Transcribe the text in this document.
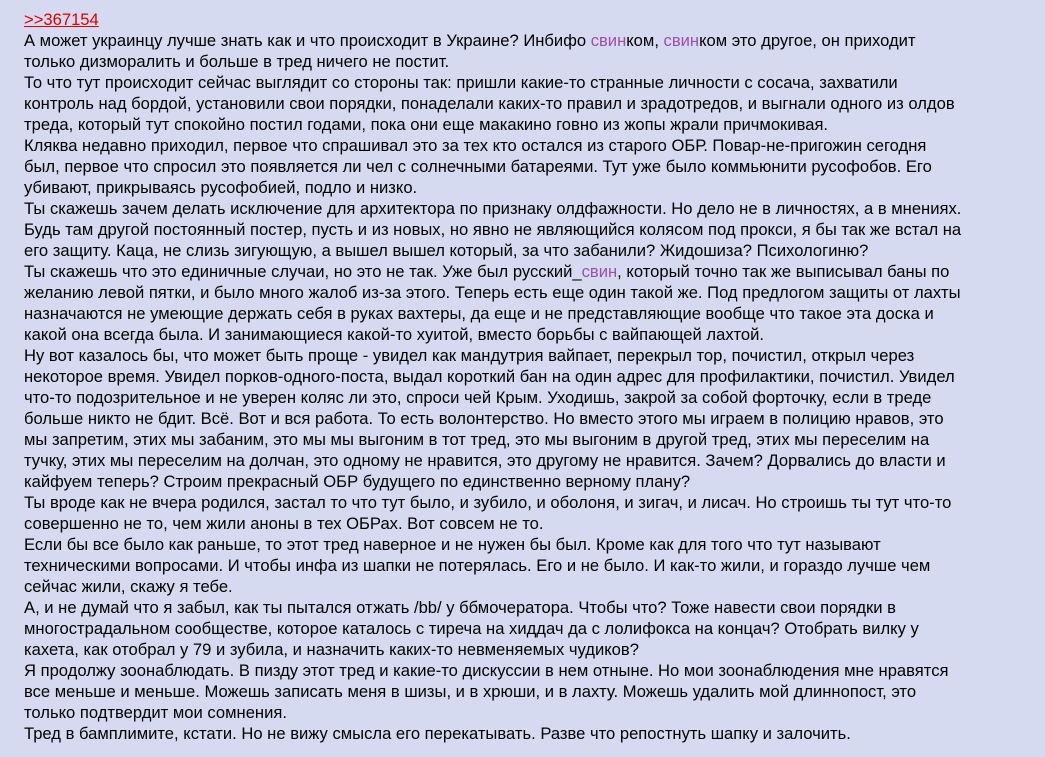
>>367154
А может украинцу лучше знать как и что происходит в Украине? Инбифо свинком, свинком это другое, он приходит
только дизморалить и больше в тред ничего не постит.
То что тут происходит сейчас выглядит со стороны так: пришли какие-то странные личности с сосача, захватили
контроль над бордой, установили свои порядки, понаделали каких-то правил и зрадотредов, и выгнали одного из олдов
треда, который тут спокойно постил годами, пока они еще макакино говно из жопы жрали причмокивая.
Кляква недавно приходил, первое что спрашивал это за тех кто остался из старого ОБР. Повар-не-пригожин сегодня
был, первое что спросил это появляется ли чел с солнечными батареями. Тут уже было коммьюнити русофобов. Его
убивают, прикрываясь русофобией, подло и низко.
Ты скажешь зачем делать исключение для архитектора по признаку олдфажности. Но дело не в личностях, а в мнениях.
Будь там другой постоянный постер, пусть и из новых, но явно не являющийся колясом под прокси, я бы так же встал на
его защиту. Каца, не слизь зигующую, а вышел вышел который, за что забанили? Жидошиза? Психологиню?
Ты скажешь что это единичные случаи, но это не так. Уже был русский_свин, который точно так же выписывал баны по
желанию левой пятки, и было много жалоб из-за этого. Теперь есть еще один такой же. Под предлогом защиты от лахты
назначаются не умеющие держать себя в руках вахтеры, да еще и не представляющие вообще что такое эта доска и
какой она всегда была. И занимающиеся какой-то хуитой, вместо борьбы с вайпающей лахтой.
Ну вот казалось бы, что может быть проще - увидел как мандутрия вайпает, перекрыл тор, почистил, открыл через
некоторое время. Увидел порков-одного-поста, выдал короткий бан на один адрес для профилактики, почистил. Увидел
что-то подозрительное и не уверен коляс ли это, спроси чей Крым. Уходишь, закрой за собой форточку, если в треде
больше никто не бдит. Всё. Вот и вся работа. То есть волонтерство. Но вместо этого мы играем в полицию нравов, это
мы запретим, этих мы забаним, это мы мы выгоним в тот тред, это мы выгоним в другой тред, этих мы переселим на
тучку, этих мы переселим на долчан, это одному не нравится, это другому не нравится. Зачем? Дорвались до власти и
кайфуем теперь? Строим прекрасный ОБР будущего по единственно верному плану?
Ты вроде как не вчера родился, застал то что тут было, и зубило, и оболоня, и зигач, и лисач. Но строишь ты тут что-то
совершенно не то, чем жили аноны в тех ОБРах. Вот совсем не то.
Если бы все было как раньше, то этот тред наверное и не нужен бы был. Кроме как для того что тут называют
техническими вопросами. И чтобы инфа из шапки не потерялась. Его и не было. И как-то жили, и гораздо лучше чем
сейчас жили, скажу я тебе.
А, и не думай что я забыл, как ты пытался отжать /bb/ у ббмочератора. Чтобы что? Тоже навести свои порядки в
многострадальном сообществе, которое каталось с тиреча на хиддач да с лолифокса на концач? Отобрать вилку у
кахета, как отобрал у 79 и зубила, и назначить каких-то невменяемых чудиков?
Я продолжу зоонаблюдать. В пизду этот тред и какие-то дискуссии в нем отныне. Но мои зоонаблюдения мне нравятся
все меньше и меньше. Можешь записать меня в шизы, и в хрюши, и в лахту. Можешь удалить мой длиннопост, это
только подтвердит мои сомнения.
Тред в бамплимите, кстати. Но не вижу смысла его перекатывать. Разве что репостнуть шапку и залочить.
